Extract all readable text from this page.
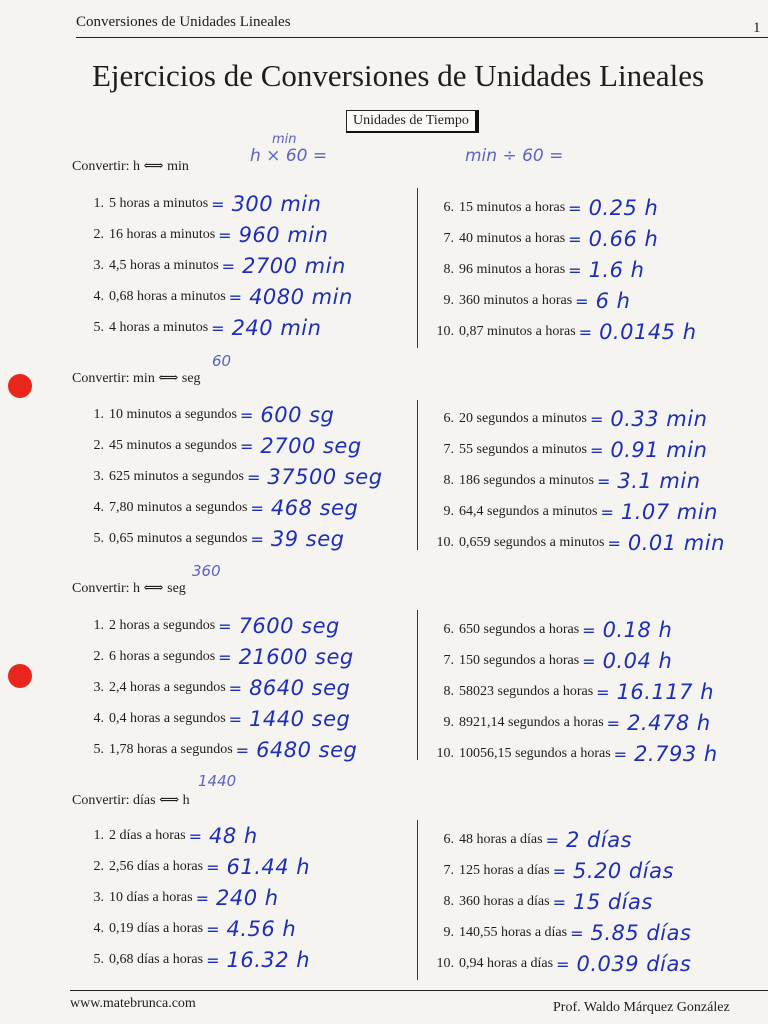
Conversiones de Unidades Lineales	1
Ejercicios de Conversiones de Unidades Lineales
Unidades de Tiempo
min
h × 60 =	min ÷ 60 =
60
360
1440
Convertir: h ⟺ min
1. 5 horas a minutos = 300 min
2. 16 horas a minutos = 960 min
3. 4,5 horas a minutos = 2700 min
4. 0,68 horas a minutos = 4080 min
5. 4 horas a minutos = 240 min
6. 15 minutos a horas = 0.25 h
7. 40 minutos a horas = 0.66 h
8. 96 minutos a horas = 1.6 h
9. 360 minutos a horas = 6 h
10. 0,87 minutos a horas = 0.0145 h
Convertir: min ⟺ seg
1. 10 minutos a segundos = 600 sg
2. 45 minutos a segundos = 2700 seg
3. 625 minutos a segundos = 37500 seg
4. 7,80 minutos a segundos = 468 seg
5. 0,65 minutos a segundos = 39 seg
6. 20 segundos a minutos = 0.33 min
7. 55 segundos a minutos = 0.91 min
8. 186 segundos a minutos = 3.1 min
9. 64,4 segundos a minutos = 1.07 min
10. 0,659 segundos a minutos = 0.01 min
Convertir: h ⟺ seg
1. 2 horas a segundos = 7600 seg
2. 6 horas a segundos = 21600 seg
3. 2,4 horas a segundos = 8640 seg
4. 0,4 horas a segundos = 1440 seg
5. 1,78 horas a segundos = 6480 seg
6. 650 segundos a horas = 0.18 h
7. 150 segundos a horas = 0.04 h
8. 58023 segundos a horas = 16.117 h
9. 8921,14 segundos a horas = 2.478 h
10. 10056,15 segundos a horas = 2.793 h
Convertir: días ⟺ h
1. 2 días a horas = 48 h
2. 2,56 días a horas = 61.44 h
3. 10 días a horas = 240 h
4. 0,19 días a horas = 4.56 h
5. 0,68 días a horas = 16.32 h
6. 48 horas a días = 2 días
7. 125 horas a días = 5.20 días
8. 360 horas a días = 15 días
9. 140,55 horas a días = 5.85 días
10. 0,94 horas a días = 0.039 días
www.matebrunca.com	Prof. Waldo Márquez González
